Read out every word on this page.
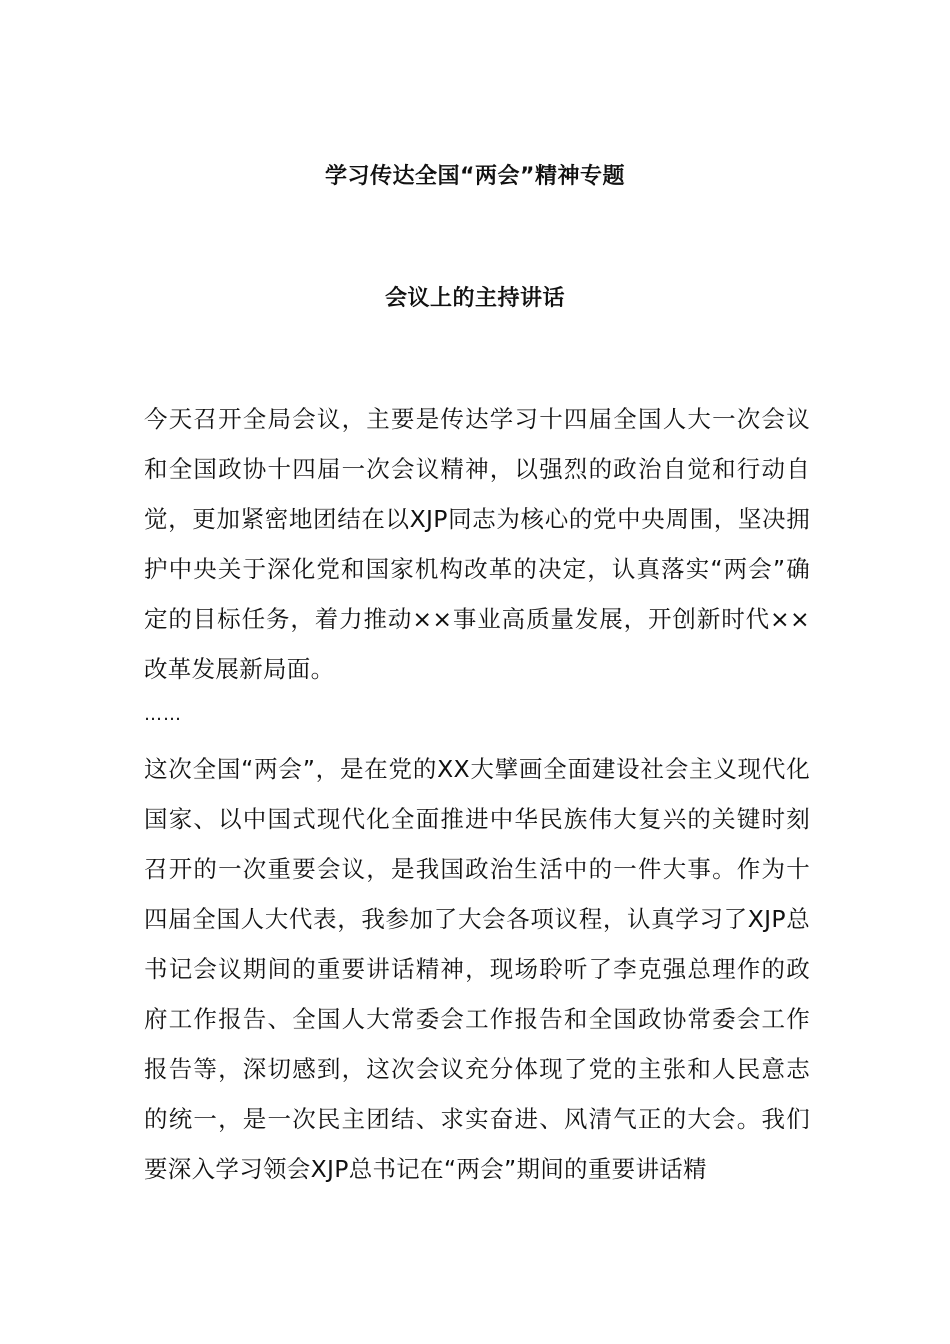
学习传达全国“两会”精神专题
会议上的主持讲话

今天召开全局会议，主要是传达学习十四届全国人大一次会议和全国政协十四届一次会议精神，以强烈的政治自觉和行动自觉，更加紧密地团结在以XJP同志为核心的党中央周围，坚决拥护中央关于深化党和国家机构改革的决定，认真落实“两会”确定的目标任务，着力推动××事业高质量发展，开创新时代××改革发展新局面。

……

这次全国“两会”，是在党的XX大擘画全面建设社会主义现代化国家、以中国式现代化全面推进中华民族伟大复兴的关键时刻召开的一次重要会议，是我国政治生活中的一件大事。作为十四届全国人大代表，我参加了大会各项议程，认真学习了XJP总书记会议期间的重要讲话精神，现场聆听了李克强总理作的政府工作报告、全国人大常委会工作报告和全国政协常委会工作报告等，深切感到，这次会议充分体现了党的主张和人民意志的统一，是一次民主团结、求实奋进、风清气正的大会。我们要深入学习领会XJP总书记在“两会”期间的重要讲话精
